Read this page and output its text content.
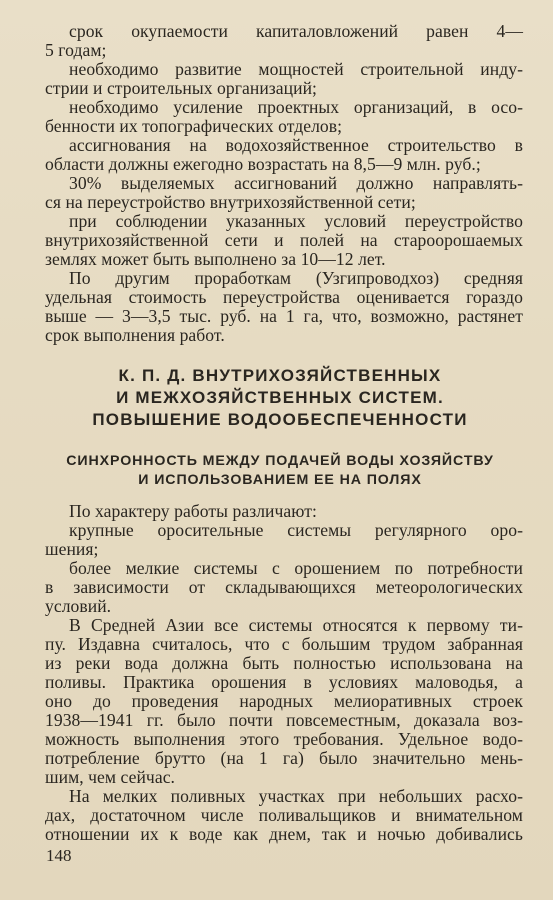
срок окупаемости капиталовложений равен 4—
5 годам;
необходимо развитие мощностей строительной инду-
стрии и строительных организаций;
необходимо усиление проектных организаций, в осо-
бенности их топографических отделов;
ассигнования на водохозяйственное строительство в
области должны ежегодно возрастать на 8,5—9 млн. руб.;
30% выделяемых ассигнований должно направлять-
ся на переустройство внутрихозяйственной сети;
при соблюдении указанных условий переустройство
внутрихозяйственной сети и полей на староорошаемых
землях может быть выполнено за 10—12 лет.
По другим проработкам (Узгипроводхоз) средняя
удельная стоимость переустройства оценивается гораздо
выше — 3—3,5 тыс. руб. на 1 га, что, возможно, растянет
срок выполнения работ.
К. П. Д. ВНУТРИХОЗЯЙСТВЕННЫХ
И МЕЖХОЗЯЙСТВЕННЫХ СИСТЕМ.
ПОВЫШЕНИЕ ВОДООБЕСПЕЧЕННОСТИ
СИНХРОННОСТЬ МЕЖДУ ПОДАЧЕЙ ВОДЫ ХОЗЯЙСТВУ
И ИСПОЛЬЗОВАНИЕМ ЕЕ НА ПОЛЯХ
По характеру работы различают:
крупные оросительные системы регулярного оро-
шения;
более мелкие системы с орошением по потребности
в зависимости от складывающихся метеорологических
условий.
В Средней Азии все системы относятся к первому ти-
пу. Издавна считалось, что с большим трудом забранная
из реки вода должна быть полностью использована на
поливы. Практика орошения в условиях маловодья, а
оно до проведения народных мелиоративных строек
1938—1941 гг. было почти повсеместным, доказала воз-
можность выполнения этого требования. Удельное водо-
потребление брутто (на 1 га) было значительно мень-
шим, чем сейчас.
На мелких поливных участках при небольших расхо-
дах, достаточном числе поливальщиков и внимательном
отношении их к воде как днем, так и ночью добивались
148
